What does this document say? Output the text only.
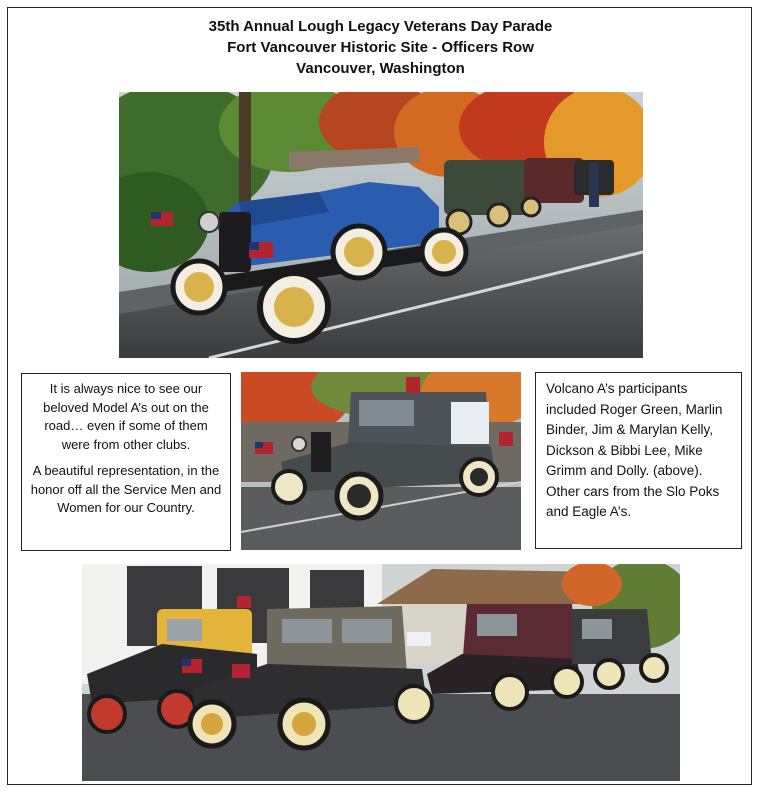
35th Annual Lough Legacy Veterans Day Parade
Fort Vancouver Historic Site - Officers Row
Vancouver, Washington

It is always nice to see our beloved Model A’s out on the road… even if some of them were from other clubs.

A beautiful representation, in the honor off all the Service Men and Women for our Country.

Volcano A’s participants included Roger Green, Marlin Binder, Jim & Marylan Kelly, Dickson & Bibbi Lee, Mike Grimm and Dolly. (above). Other cars from the Slo Poks and Eagle A’s.
